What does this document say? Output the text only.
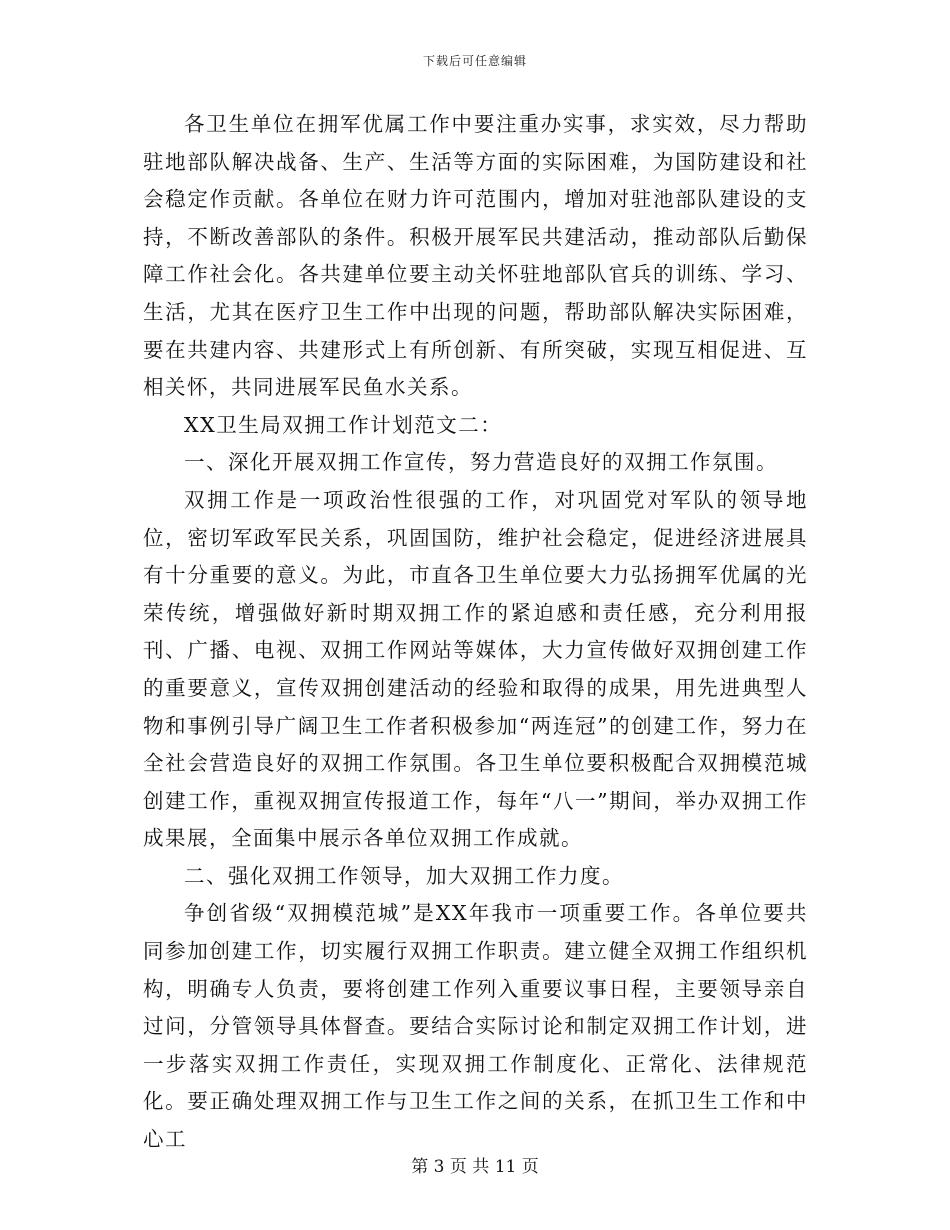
下载后可任意编辑

各卫生单位在拥军优属工作中要注重办实事，求实效，尽力帮助驻地部队解决战备、生产、生活等方面的实际困难，为国防建设和社会稳定作贡献。各单位在财力许可范围内，增加对驻池部队建设的支持，不断改善部队的条件。积极开展军民共建活动，推动部队后勤保障工作社会化。各共建单位要主动关怀驻地部队官兵的训练、学习、生活，尤其在医疗卫生工作中出现的问题，帮助部队解决实际困难，要在共建内容、共建形式上有所创新、有所突破，实现互相促进、互相关怀，共同进展军民鱼水关系。

XX卫生局双拥工作计划范文二：

一、深化开展双拥工作宣传，努力营造良好的双拥工作氛围。

双拥工作是一项政治性很强的工作，对巩固党对军队的领导地位，密切军政军民关系，巩固国防，维护社会稳定，促进经济进展具有十分重要的意义。为此，市直各卫生单位要大力弘扬拥军优属的光荣传统，增强做好新时期双拥工作的紧迫感和责任感，充分利用报刊、广播、电视、双拥工作网站等媒体，大力宣传做好双拥创建工作的重要意义，宣传双拥创建活动的经验和取得的成果，用先进典型人物和事例引导广阔卫生工作者积极参加“两连冠”的创建工作，努力在全社会营造良好的双拥工作氛围。各卫生单位要积极配合双拥模范城创建工作，重视双拥宣传报道工作，每年“八一”期间，举办双拥工作成果展，全面集中展示各单位双拥工作成就。

二、强化双拥工作领导，加大双拥工作力度。

争创省级“双拥模范城”是XX年我市一项重要工作。各单位要共同参加创建工作，切实履行双拥工作职责。建立健全双拥工作组织机构，明确专人负责，要将创建工作列入重要议事日程，主要领导亲自过问，分管领导具体督查。要结合实际讨论和制定双拥工作计划，进一步落实双拥工作责任，实现双拥工作制度化、正常化、法律规范化。要正确处理双拥工作与卫生工作之间的关系，在抓卫生工作和中心工

第 3 页 共 11 页
